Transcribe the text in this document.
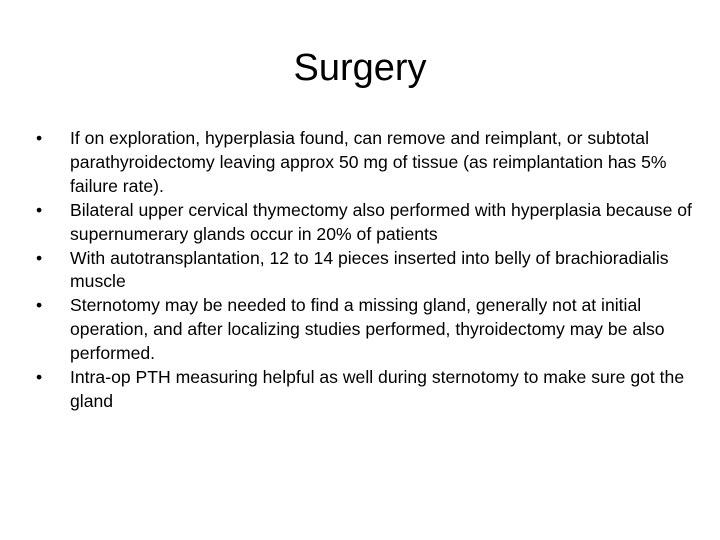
Surgery
•	If on exploration, hyperplasia found, can remove and reimplant, or subtotal parathyroidectomy leaving approx 50 mg of tissue (as reimplantation has 5% failure rate).
•	Bilateral upper cervical thymectomy also performed with hyperplasia because of supernumerary glands occur in 20% of patients
•	With autotransplantation, 12 to 14 pieces inserted into belly of brachioradialis muscle
•	Sternotomy may be needed to find a missing gland, generally not at initial operation, and after localizing studies performed, thyroidectomy may be also performed.
•	Intra-op PTH measuring helpful as well during sternotomy to make sure got the gland
